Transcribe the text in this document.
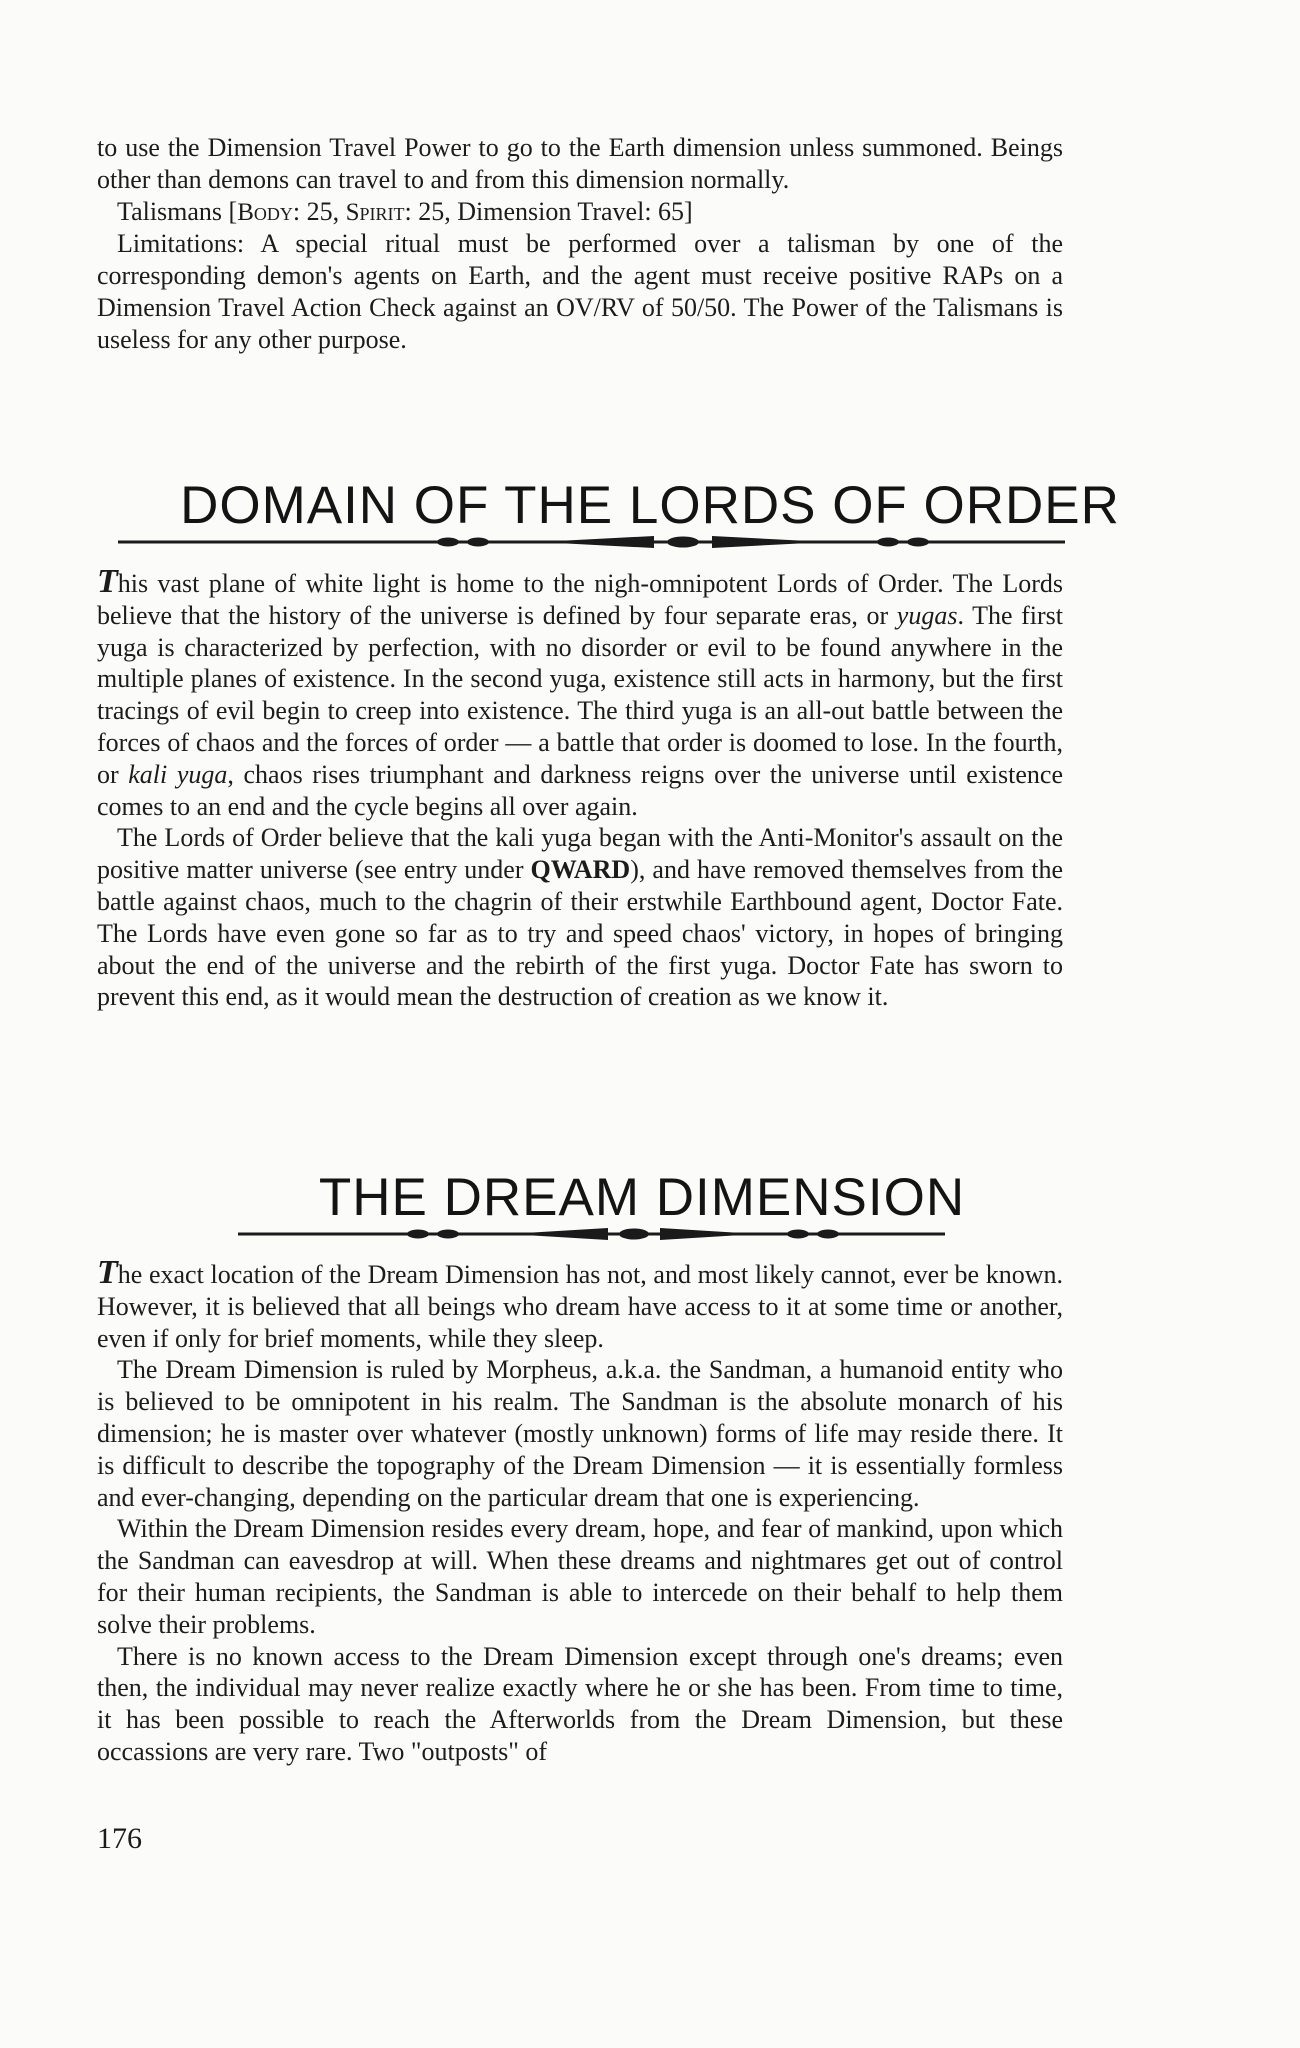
to use the Dimension Travel Power to go to the Earth dimension unless summoned. Beings other than demons can travel to and from this dimension normally.

Talismans [Body: 25, Spirit: 25, Dimension Travel: 65]

Limitations: A special ritual must be performed over a talisman by one of the corresponding demon's agents on Earth, and the agent must receive positive RAPs on a Dimension Travel Action Check against an OV/RV of 50/50. The Power of the Talismans is useless for any other purpose.

DOMAIN OF THE LORDS OF ORDER

This vast plane of white light is home to the nigh-omnipotent Lords of Order. The Lords believe that the history of the universe is defined by four separate eras, or yugas. The first yuga is characterized by perfection, with no disorder or evil to be found anywhere in the multiple planes of existence. In the second yuga, existence still acts in harmony, but the first tracings of evil begin to creep into existence. The third yuga is an all-out battle between the forces of chaos and the forces of order — a battle that order is doomed to lose. In the fourth, or kali yuga, chaos rises triumphant and darkness reigns over the universe until existence comes to an end and the cycle begins all over again.

The Lords of Order believe that the kali yuga began with the Anti-Monitor's assault on the positive matter universe (see entry under QWARD), and have removed themselves from the battle against chaos, much to the chagrin of their erstwhile Earthbound agent, Doctor Fate. The Lords have even gone so far as to try and speed chaos' victory, in hopes of bringing about the end of the universe and the rebirth of the first yuga. Doctor Fate has sworn to prevent this end, as it would mean the destruction of creation as we know it.

THE DREAM DIMENSION

The exact location of the Dream Dimension has not, and most likely cannot, ever be known. However, it is believed that all beings who dream have access to it at some time or another, even if only for brief moments, while they sleep.

The Dream Dimension is ruled by Morpheus, a.k.a. the Sandman, a humanoid entity who is believed to be omnipotent in his realm. The Sandman is the absolute monarch of his dimension; he is master over whatever (mostly unknown) forms of life may reside there. It is difficult to describe the topography of the Dream Dimension — it is essentially formless and ever-changing, depending on the particular dream that one is experiencing.

Within the Dream Dimension resides every dream, hope, and fear of mankind, upon which the Sandman can eavesdrop at will. When these dreams and nightmares get out of control for their human recipients, the Sandman is able to intercede on their behalf to help them solve their problems.

There is no known access to the Dream Dimension except through one's dreams; even then, the individual may never realize exactly where he or she has been. From time to time, it has been possible to reach the Afterworlds from the Dream Dimension, but these occassions are very rare. Two "outposts" of

176
